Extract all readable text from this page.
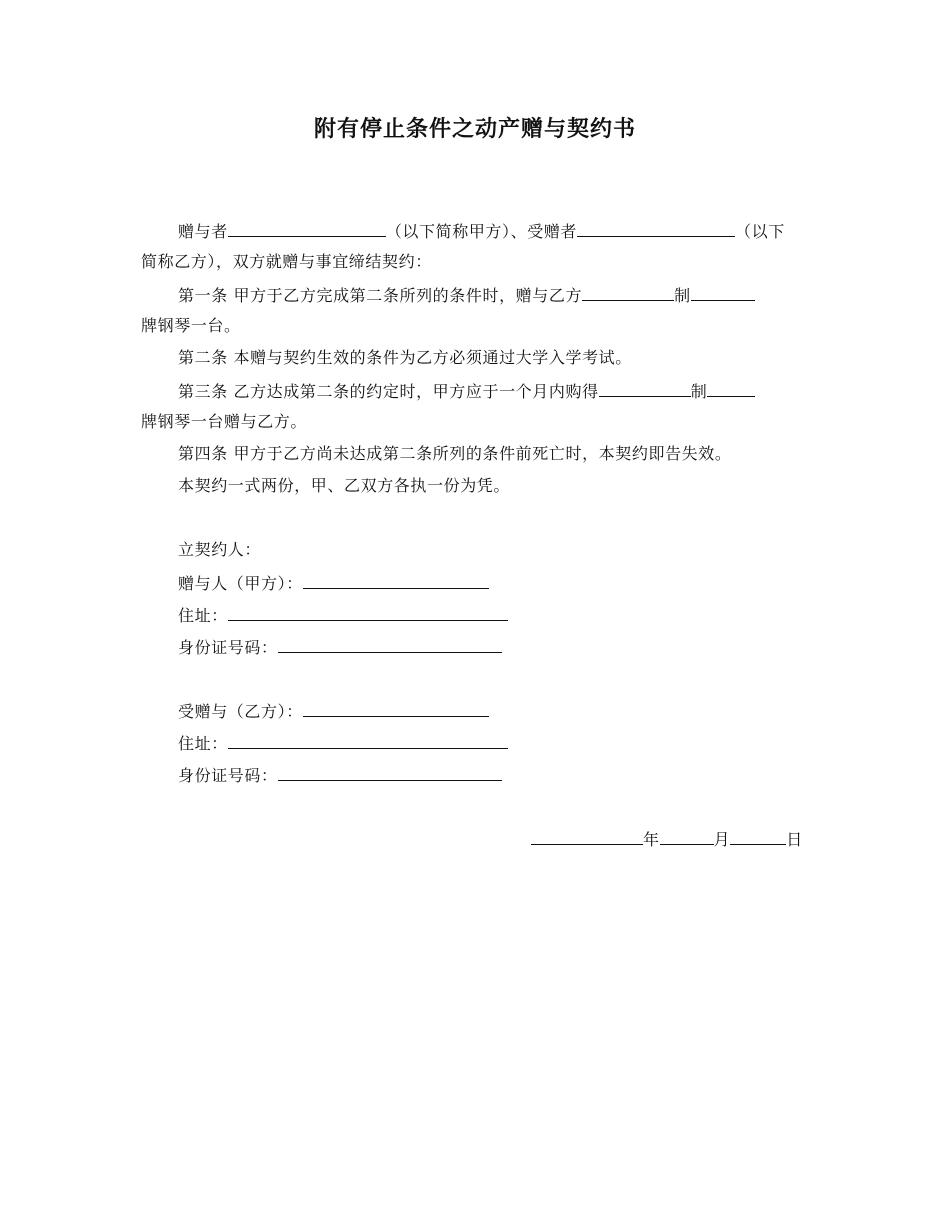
附有停止条件之动产赠与契约书
赠与者	（以下简称甲方）、受赠者	（以下
简称乙方），双方就赠与事宜缔结契约：
第一条 甲方于乙方完成第二条所列的条件时，赠与乙方	制
牌钢琴一台。
第二条 本赠与契约生效的条件为乙方必须通过大学入学考试。
第三条 乙方达成第二条的约定时，甲方应于一个月内购得	制
牌钢琴一台赠与乙方。
第四条 甲方于乙方尚未达成第二条所列的条件前死亡时，本契约即告失效。
本契约一式两份，甲、乙双方各执一份为凭。
立契约人：
赠与人（甲方）：
住址：
身份证号码：
受赠与（乙方）：
住址：
身份证号码：
年	月	日
